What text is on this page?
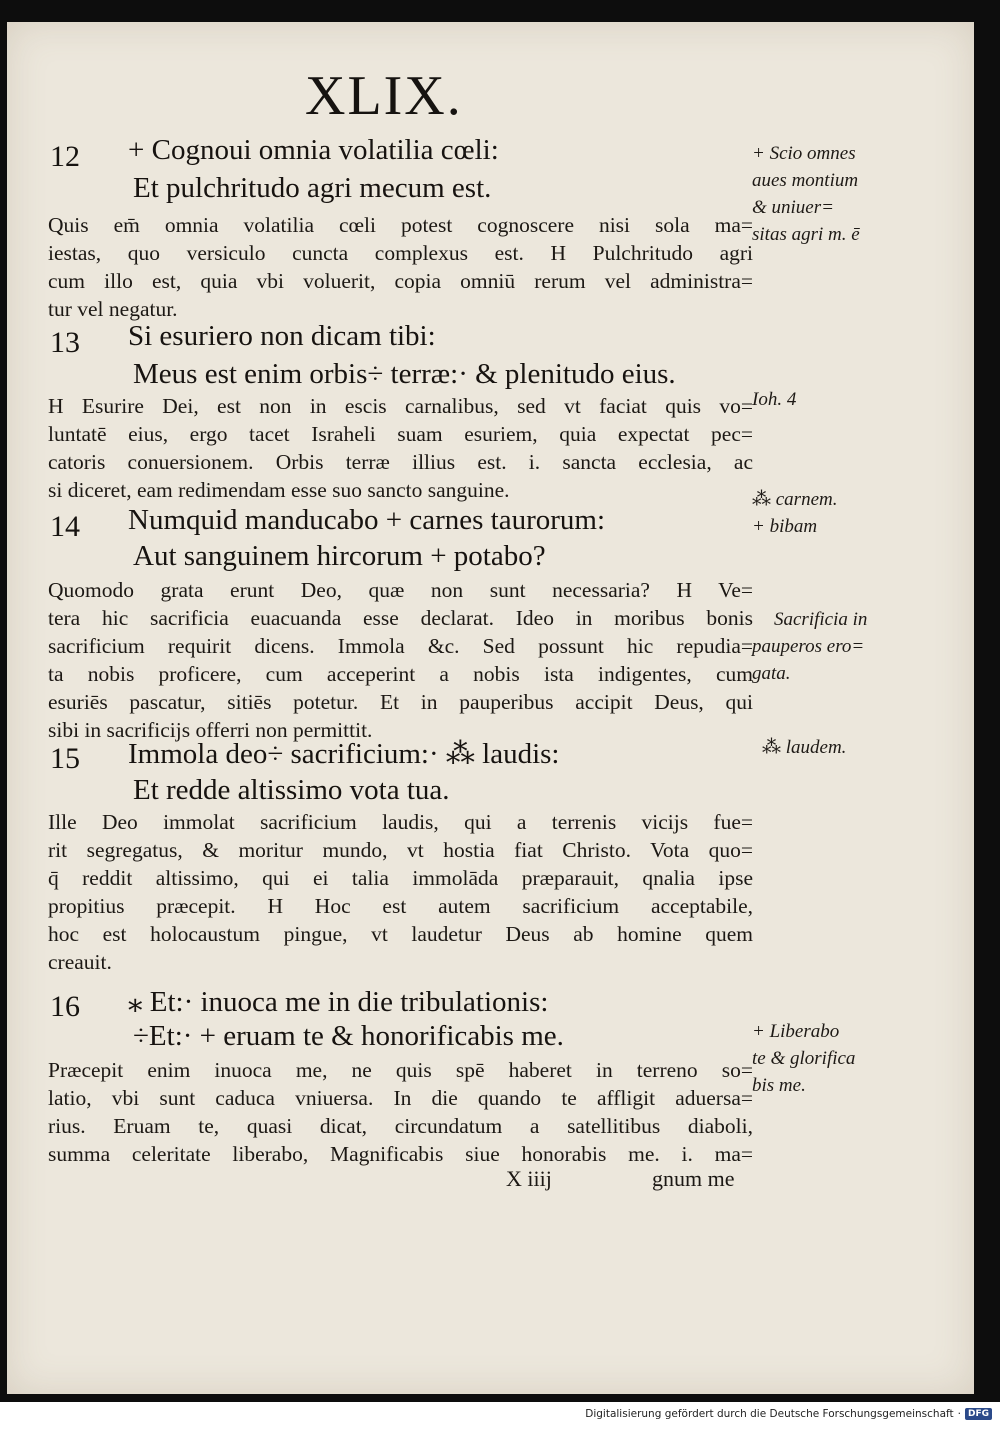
XLIX.
12 + Cognoui omnia volatilia cœli:
Et pulchritudo agri mecum est.

Quis em̄ omnia volatilia cœli potest cognoscere nisi sola ma=
iestas, quo versiculo cuncta complexus est. H Pulchritudo agri
cum illo est, quia vbi voluerit, copia omniū rerum vel administra=
tur vel negatur.

+ Scio omnes
aues montium
& uniuer=
sitas agri m. ē
13 Si esuriero non dicam tibi:
Meus est enim orbis÷ terræ:· & plenitudo eius.

H Esurire Dei, est non in escis carnalibus, sed vt faciat quis vo=
luntatē eius, ergo tacet Israheli suam esuriem, quia expectat pec=
catoris conuersionem. Orbis terræ illius est. i. sancta ecclesia, ac
si diceret, eam redimendam esse suo sancto sanguine.

Ioh. 4
14 Numquid manducabo + carnes taurorum:
Aut sanguinem hircorum + potabo?

Quomodo grata erunt Deo, quæ non sunt necessaria? H Ve=
tera hic sacrificia euacuanda esse declarat. Ideo in moribus bonis
sacrificium requirit dicens. Immola &c. Sed possunt hic repudia=
ta nobis proficere, cum acceperint a nobis ista indigentes, cum
esuriēs pascatur, sitiēs potetur. Et in pauperibus accipit Deus, qui
sibi in sacrificijs offerri non permittit.

⁂ carnem.
+ bibam
Sacrificia in
pauperos ero=
gata.
15 Immola deo÷ sacrificium:· ⁂ laudis:
Et redde altissimo vota tua.

Ille Deo immolat sacrificium laudis, qui a terrenis vicijs fue=
rit segregatus, & moritur mundo, vt hostia fiat Christo. Vota quo=
q̄ reddit altissimo, qui ei talia immolāda præparauit, qnalia ipse
propitius præcepit. H Hoc est autem sacrificium acceptabile,
hoc est holocaustum pingue, vt laudetur Deus ab homine quem
creauit.

⁂ laudem.
16 ⁎ Et:· inuoca me in die tribulationis:
÷Et:· + eruam te & honorificabis me.

Præcepit enim inuoca me, ne quis spē haberet in terreno so=
latio, vbi sunt caduca vniuersa. In die quando te affligit aduersa=
rius. Eruam te, quasi dicat, circundatum a satellitibus diaboli,
summa celeritate liberabo, Magnificabis siue honorabis me. i. ma=

+ Liberabo
te & glorifica
bis me.
X iiij	gnum me
Digitalisierung gefördert durch die Deutsche Forschungsgemeinschaft · DFG
